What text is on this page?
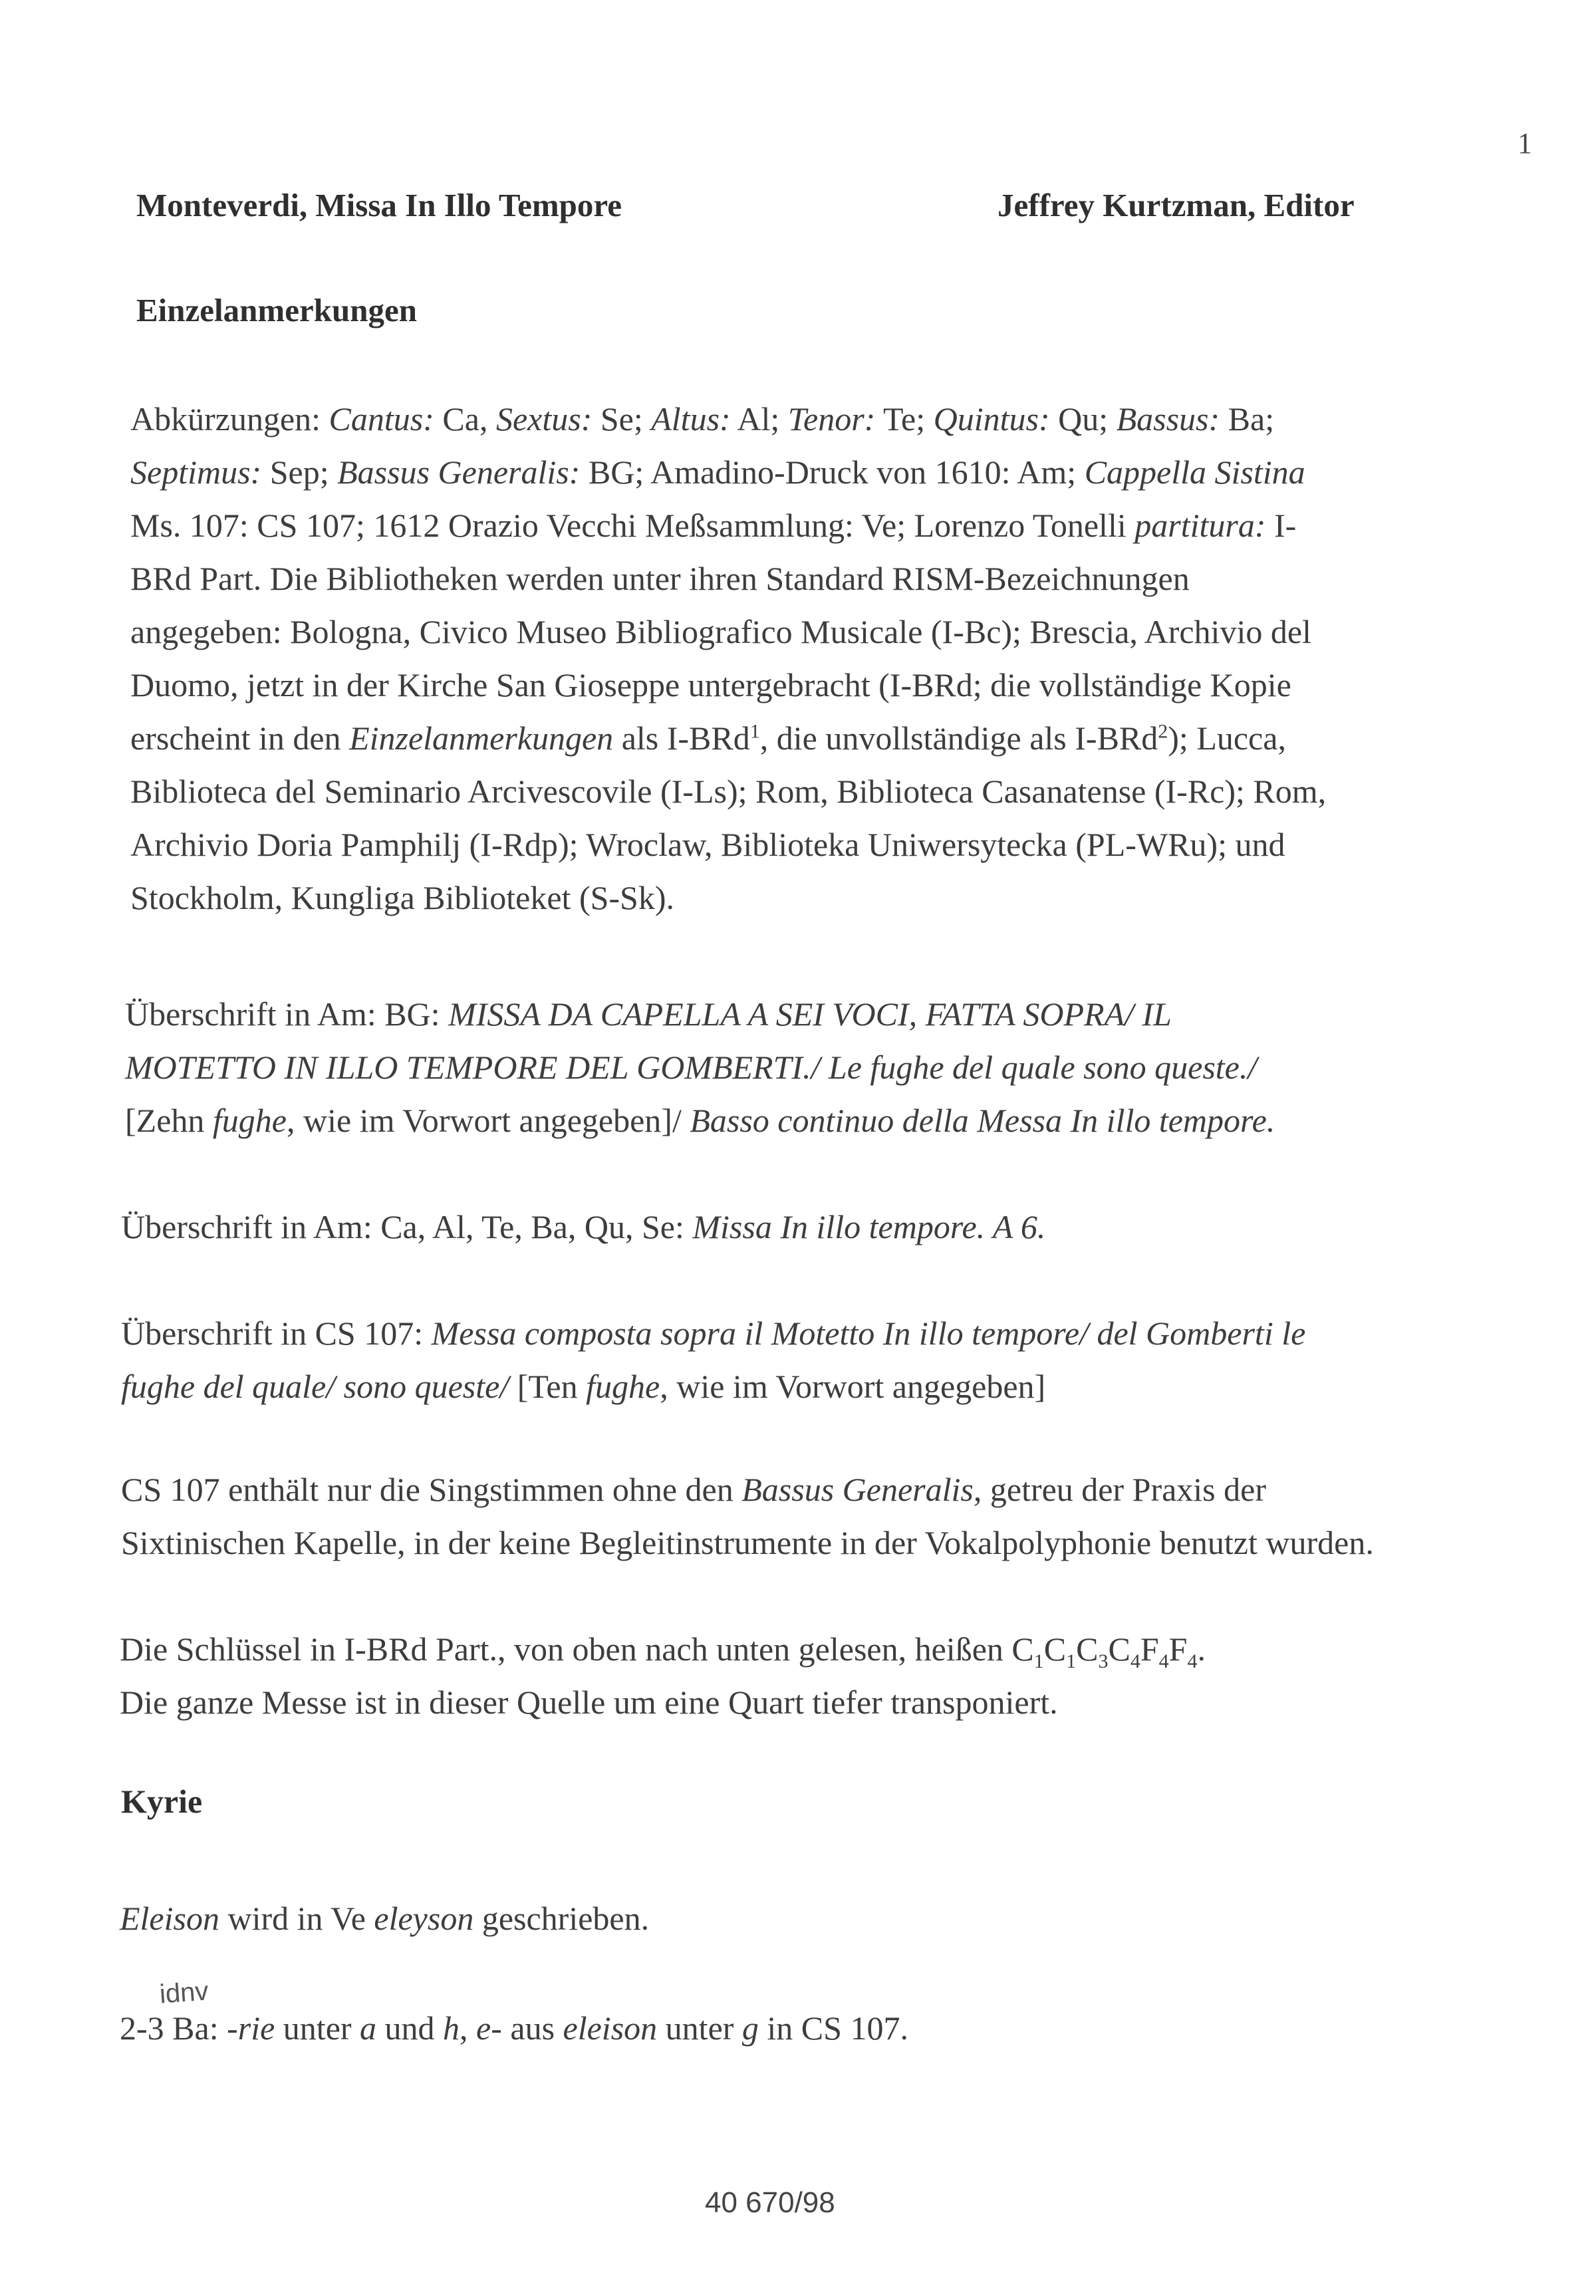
1
Monteverdi, Missa In Illo Tempore	Jeffrey Kurtzman, Editor
Einzelanmerkungen
Abkürzungen: Cantus: Ca, Sextus: Se; Altus: Al; Tenor: Te; Quintus: Qu; Bassus: Ba;
Septimus: Sep; Bassus Generalis: BG; Amadino-Druck von 1610: Am; Cappella Sistina
Ms. 107: CS 107; 1612 Orazio Vecchi Meßsammlung: Ve; Lorenzo Tonelli partitura: I-
BRd Part. Die Bibliotheken werden unter ihren Standard RISM-Bezeichnungen
angegeben: Bologna, Civico Museo Bibliografico Musicale (I-Bc); Brescia, Archivio del
Duomo, jetzt in der Kirche San Gioseppe untergebracht (I-BRd; die vollständige Kopie
erscheint in den Einzelanmerkungen als I-BRd$^1$, die unvollständige als I-BRd$^2$); Lucca,
Biblioteca del Seminario Arcivescovile (I-Ls); Rom, Biblioteca Casanatense (I-Rc); Rom,
Archivio Doria Pamphilj (I-Rdp); Wroclaw, Biblioteka Uniwersytecka (PL-WRu); und
Stockholm, Kungliga Biblioteket (S-Sk).
Überschrift in Am: BG: MISSA DA CAPELLA A SEI VOCI, FATTA SOPRA/ IL
MOTETTO IN ILLO TEMPORE DEL GOMBERTI./ Le fughe del quale sono queste./
[Zehn fughe, wie im Vorwort angegeben]/ Basso continuo della Messa In illo tempore.
Überschrift in Am: Ca, Al, Te, Ba, Qu, Se: Missa In illo tempore. A 6.
Überschrift in CS 107: Messa composta sopra il Motetto In illo tempore/ del Gomberti le
fughe del quale/ sono queste/ [Ten fughe, wie im Vorwort angegeben]
CS 107 enthält nur die Singstimmen ohne den Bassus Generalis, getreu der Praxis der
Sixtinischen Kapelle, in der keine Begleitinstrumente in der Vokalpolyphonie benutzt wurden.
Die Schlüssel in I-BRd Part., von oben nach unten gelesen, heißen $C_1C_1C_3C_4F_4F_4$.
Die ganze Messe ist in dieser Quelle um eine Quart tiefer transponiert.
Kyrie
Eleison wird in Ve eleyson geschrieben.
2-3 Ba: -rie unter a und h, e- aus eleison unter g in CS 107.
idnv
40 670/98
